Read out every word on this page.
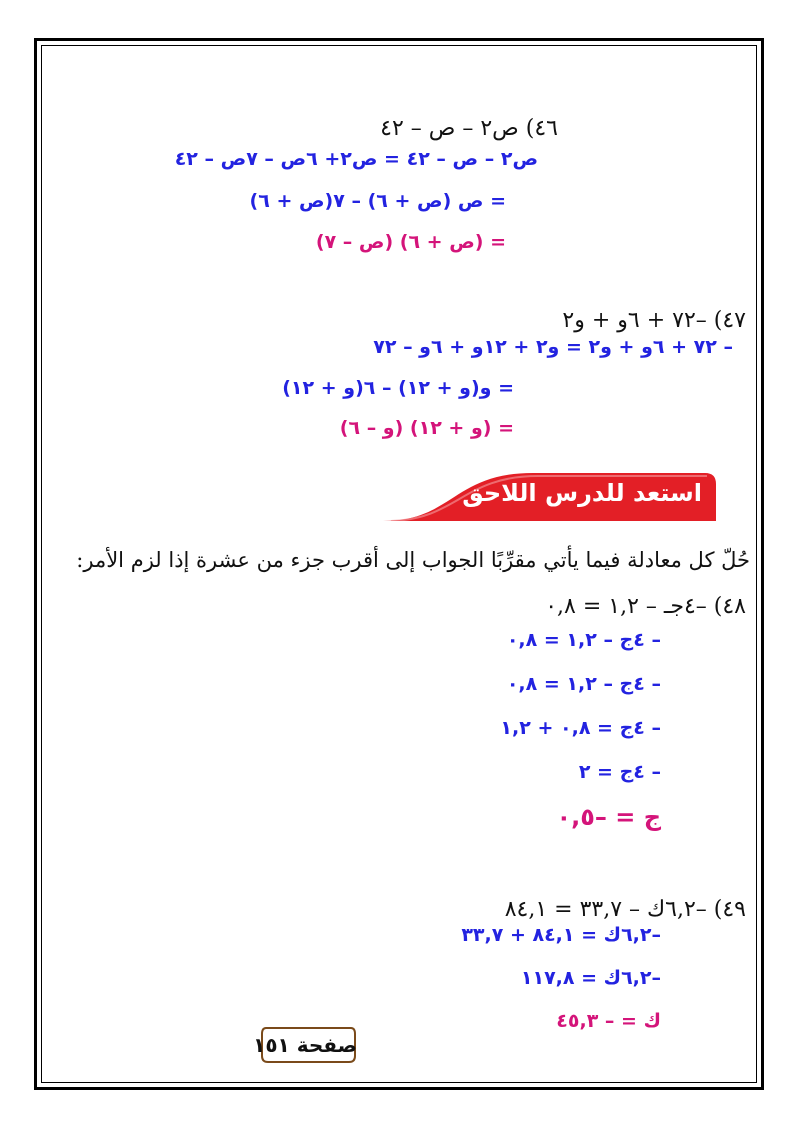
٤٦) ص٢ – ص – ٤٢
ص٢ – ص – ٤٢ = ص٢+ ٦ص – ٧ص – ٤٢
= ص (ص + ٦) – ٧(ص + ٦)
= (ص + ٦) (ص – ٧)
٤٧) –٧٢ + ٦و + و٢
– ٧٢ + ٦و + و٢ = و٢ + ١٢و + ٦و – ٧٢
= و(و + ١٢) – ٦(و + ١٢)
= (و + ١٢) (و – ٦)
استعد للدرس اللاحق
حُلّ كل معادلة فيما يأتي مقرِّبًا الجواب إلى أقرب جزء من عشرة إذا لزم الأمر:
٤٨) –٤جـ – ١,٢ = ٠,٨
– ٤ج – ١,٢ = ٠,٨
– ٤ج – ١,٢ = ٠,٨
– ٤ج = ٠,٨ + ١,٢
– ٤ج = ٢
ج = –٠,٥
٤٩) –٦,٢ك – ٣٣,٧ = ٨٤,١
–٦,٢ك = ٨٤,١ + ٣٣,٧
–٦,٢ك = ١١٧,٨
ك = – ٤٥,٣
صفحة ١٥١
